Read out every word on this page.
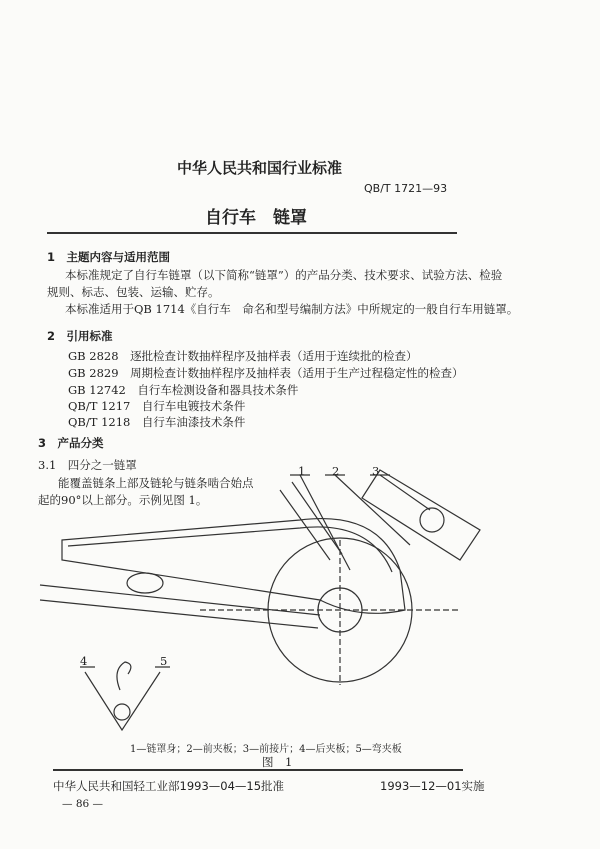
中华人民共和国行业标准
QB/T 1721—93
自行车　链罩
1　主题内容与适用范围
本标准规定了自行车链罩（以下简称“链罩”）的产品分类、技术要求、试验方法、检验
规则、标志、包装、运输、贮存。
本标准适用于QB 1714《自行车　命名和型号编制方法》中所规定的一般自行车用链罩。
2　引用标准
GB 2828　 逐批检查计数抽样程序及抽样表（适用于连续批的检查）
GB 2829　 周期检查计数抽样程序及抽样表（适用于生产过程稳定性的检查）
GB 12742　 自行车检测设备和器具技术条件
QB/T 1217　 自行车电镀技术条件
QB/T 1218　 自行车油漆技术条件
3　产品分类
3.1　四分之一链罩
能覆盖链条上部及链轮与链条啮合始点
起的90°以上部分。示例见图 1。
1 2	3
4	5
1—链罩身；2—前夹板；3—前接片；4—后夹板；5—弯夹板
图　1
中华人民共和国轻工业部1993—04—15批准	1993—12—01实施
— 86 —
